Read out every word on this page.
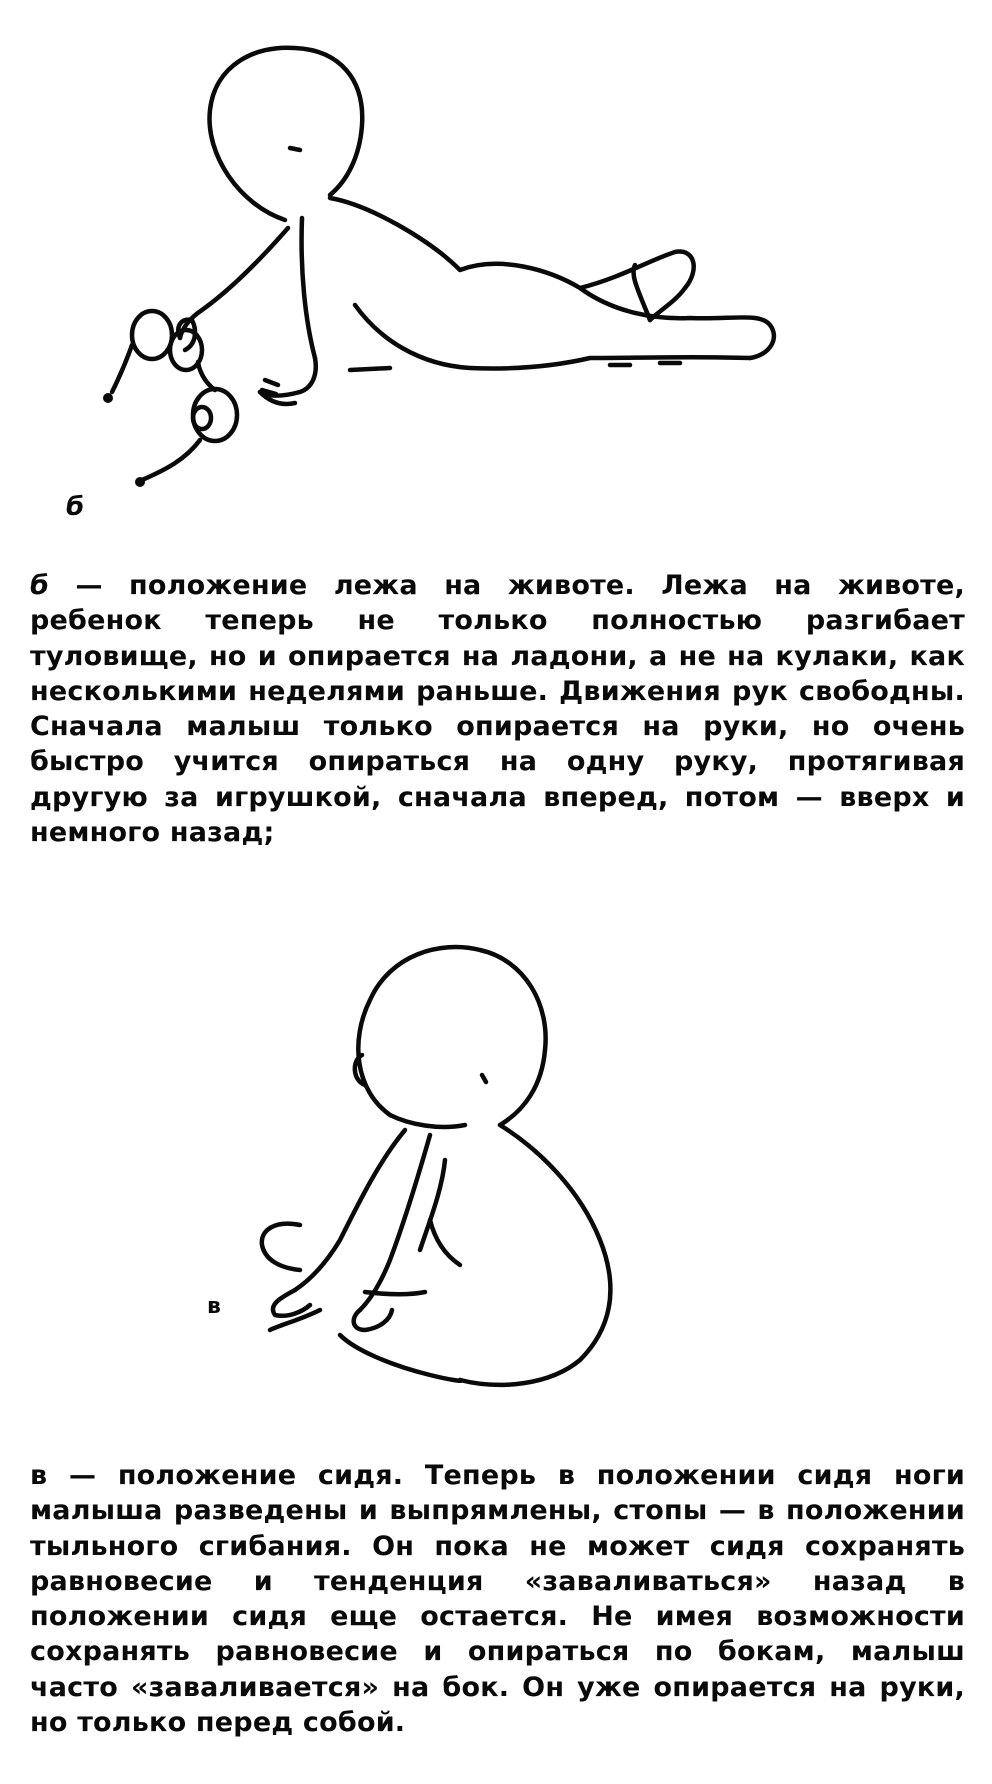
б
б — положение лежа на животе. Лежа на животе, ребенок теперь не только полностью разгибает туловище, но и опирается на ладони, а не на кулаки, как несколькими неделями раньше. Движения рук свободны. Сначала малыш только опирается на руки, но очень быстро учится опираться на одну руку, протягивая другую за игрушкой, сначала вперед, потом — вверх и немного назад;
в
в — положение сидя. Теперь в положении сидя ноги малыша разведены и выпрямлены, стопы — в положении тыльного сгибания. Он пока не может сидя сохранять равновесие и тенденция «заваливаться» назад в положении сидя еще остается. Не имея возможности сохранять равновесие и опираться по бокам, малыш часто «заваливается» на бок. Он уже опирается на руки, но только перед собой.
